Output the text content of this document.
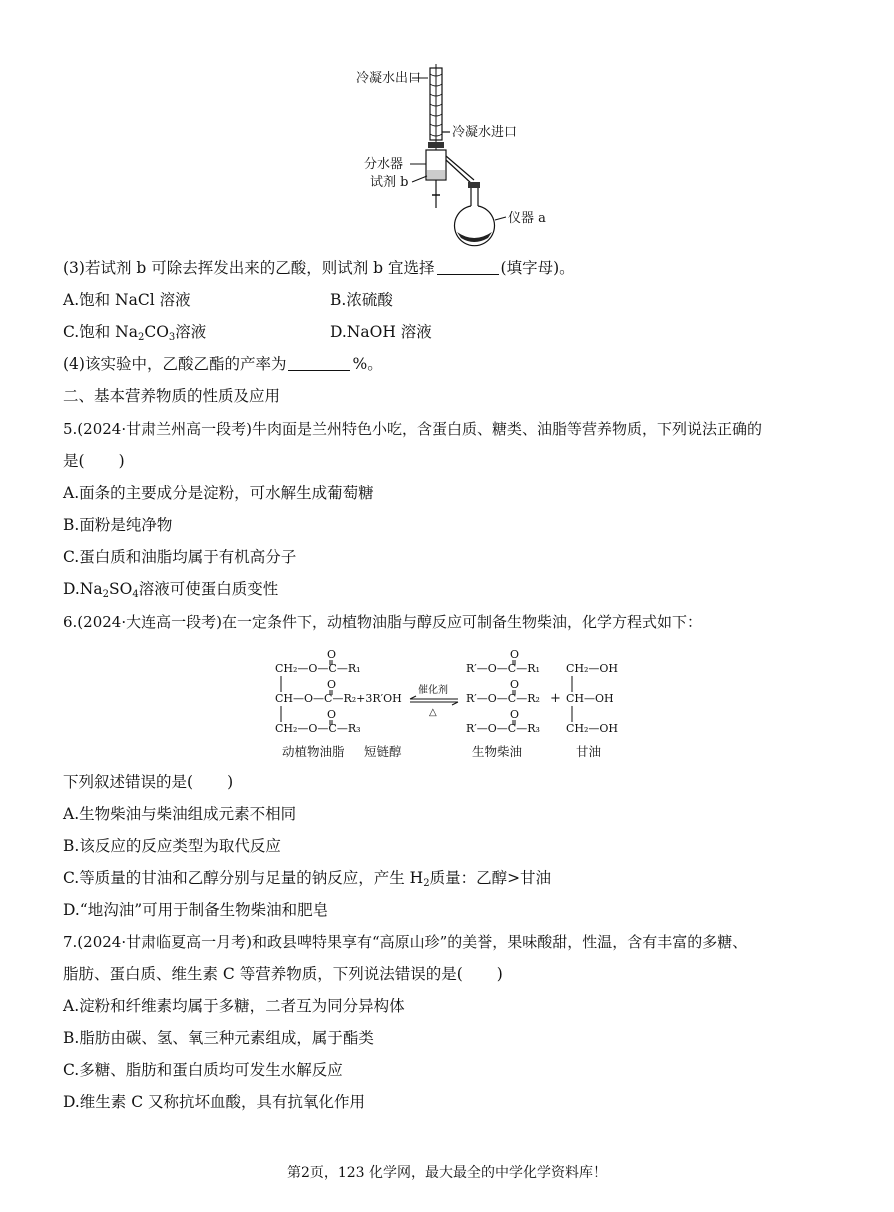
冷凝水出口
冷凝水进口
分水器
试剂 b
仪器 a
(3)若试剂 b 可除去挥发出来的乙酸，则试剂 b 宜选择	(填字母)。
A.饱和 NaCl 溶液	B.浓硫酸
C.饱和 $Na_2CO_3$溶液	D.NaOH 溶液
(4)该实验中，乙酸乙酯的产率为	%。
二、基本营养物质的性质及应用
5.(2024·甘肃兰州高一段考)牛肉面是兰州特色小吃，含蛋白质、糖类、油脂等营养物质，下列说法正确的
是( )
A.面条的主要成分是淀粉，可水解生成葡萄糖
B.面粉是纯净物
C.蛋白质和油脂均属于有机高分子
$D.Na_2SO_4$溶液可使蛋白质变性
6.(2024·大连高一段考)在一定条件下，动植物油脂与醇反应可制备生物柴油，化学方程式如下：
O
CH₂—O—C—R₁
O
CH—O—C—R₂+3R′OH
O
CH₂—O—C—R₃
催化剂
△
O
R′—O—C—R₁
O
R′—O—C—R₂
O
R′—O—C—R₃
+
CH₂—OH
CH—OH
CH₂—OH
动植物油脂 短链醇	生物柴油	甘油
下列叙述错误的是( )
A.生物柴油与柴油组成元素不相同
B.该反应的反应类型为取代反应
C.等质量的甘油和乙醇分别与足量的钠反应，产生 $H_2$质量：乙醇>甘油
D.“地沟油”可用于制备生物柴油和肥皂
7.(2024·甘肃临夏高一月考)和政县啤特果享有“高原山珍”的美誉，果味酸甜，性温，含有丰富的多糖、
脂肪、蛋白质、维生素 C 等营养物质，下列说法错误的是( )
A.淀粉和纤维素均属于多糖，二者互为同分异构体
B.脂肪由碳、氢、氧三种元素组成，属于酯类
C.多糖、脂肪和蛋白质均可发生水解反应
D.维生素 C 又称抗坏血酸，具有抗氧化作用
第2页，123 化学网，最大最全的中学化学资料库！
